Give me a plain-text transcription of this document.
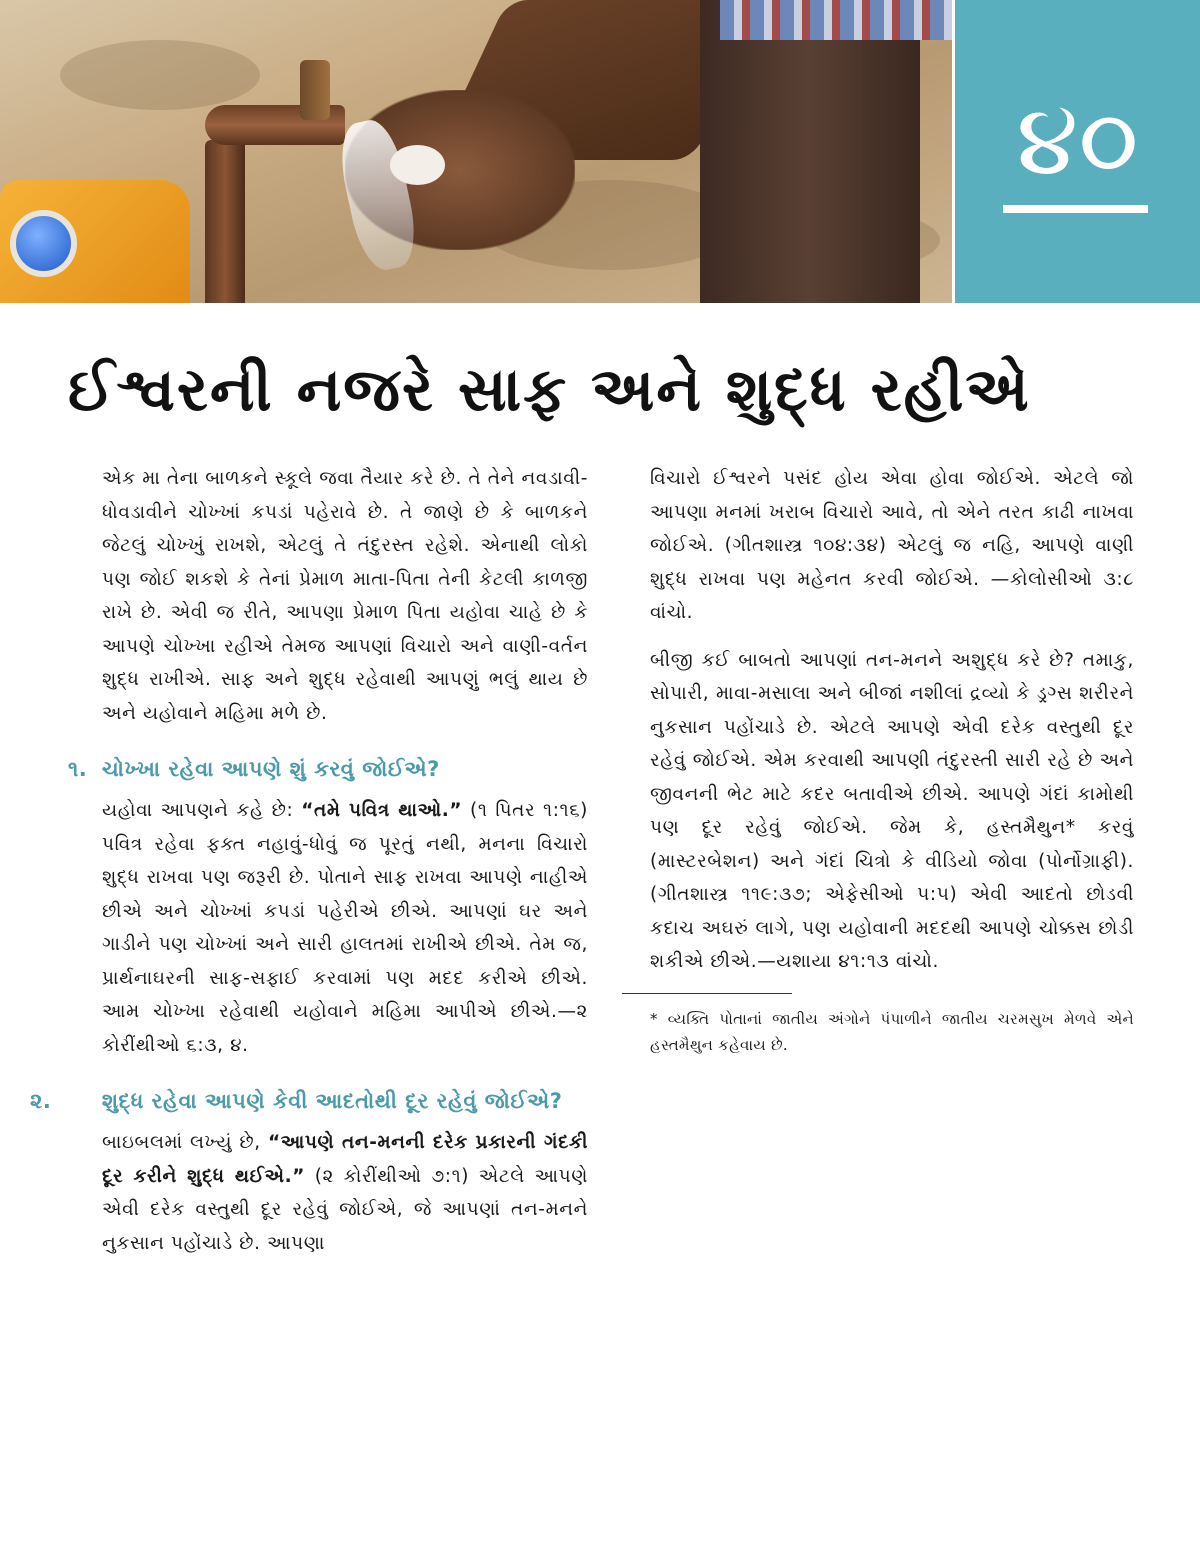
૪૦
ઈશ્વરની નજરે સાફ અને શુદ્ધ રહીએ

એક મા તેના બાળકને સ્કૂલે જવા તૈયાર કરે છે. તે તેને નવડાવી-ધોવડાવીને ચોખ્ખાં કપડાં પહેરાવે છે. તે જાણે છે કે બાળકને જેટલું ચોખ્ખું રાખશે, એટલું તે તંદુરસ્ત રહેશે. એનાથી લોકો પણ જોઈ શકશે કે તેનાં પ્રેમાળ માતા-પિતા તેની કેટલી કાળજી રાખે છે. એવી જ રીતે, આપણા પ્રેમાળ પિતા યહોવા ચાહે છે કે આપણે ચોખ્ખા રહીએ તેમજ આપણાં વિચારો અને વાણી-વર્તન શુદ્ધ રાખીએ. સાફ અને શુદ્ધ રહેવાથી આપણું ભલું થાય છે અને યહોવાને મહિમા મળે છે.

૧. ચોખ્ખા રહેવા આપણે શું કરવું જોઈએ?

યહોવા આપણને કહે છે: “તમે પવિત્ર થાઓ.” (૧ પિતર ૧:૧૬) પવિત્ર રહેવા ફક્ત નહાવું-ધોવું જ પૂરતું નથી, મનના વિચારો શુદ્ધ રાખવા પણ જરૂરી છે. પોતાને સાફ રાખવા આપણે નાહીએ છીએ અને ચોખ્ખાં કપડાં પહેરીએ છીએ. આપણાં ઘર અને ગાડીને પણ ચોખ્ખાં અને સારી હાલતમાં રાખીએ છીએ. તેમ જ, પ્રાર્થનાઘરની સાફ-સફાઈ કરવામાં પણ મદદ કરીએ છીએ. આમ ચોખ્ખા રહેવાથી યહોવાને મહિમા આપીએ છીએ.—૨ કોરીંથીઓ ૬:૩, ૪.

૨. શુદ્ધ રહેવા આપણે કેવી આદતોથી દૂર રહેવું જોઈએ?

બાઇબલમાં લખ્યું છે, “આપણે તન-મનની દરેક પ્રકારની ગંદકી દૂર કરીને શુદ્ધ થઈએ.” (૨ કોરીંથીઓ ૭:૧) એટલે આપણે એવી દરેક વસ્તુથી દૂર રહેવું જોઈએ, જે આપણાં તન-મનને નુકસાન પહોંચાડે છે. આપણા

વિચારો ઈશ્વરને પસંદ હોય એવા હોવા જોઈએ. એટલે જો આપણા મનમાં ખરાબ વિચારો આવે, તો એને તરત કાઢી નાખવા જોઈએ. (ગીતશાસ્ત્ર ૧૦૪:૩૪) એટલું જ નહિ, આપણે વાણી શુદ્ધ રાખવા પણ મહેનત કરવી જોઈએ. —કોલોસીઓ ૩:૮ વાંચો.

બીજી કઈ બાબતો આપણાં તન-મનને અશુદ્ધ કરે છે? તમાકુ, સોપારી, માવા-મસાલા અને બીજાં નશીલાં દ્રવ્યો કે ડ્રગ્સ શરીરને નુકસાન પહોંચાડે છે. એટલે આપણે એવી દરેક વસ્તુથી દૂર રહેવું જોઈએ. એમ કરવાથી આપણી તંદુરસ્તી સારી રહે છે અને જીવનની ભેટ માટે કદર બતાવીએ છીએ. આપણે ગંદાં કામોથી પણ દૂર રહેવું જોઈએ. જેમ કે, હસ્તમૈથુન* કરવું (માસ્ટરબેશન) અને ગંદાં ચિત્રો કે વીડિયો જોવા (પોર્નોગ્રાફી). (ગીતશાસ્ત્ર ૧૧૯:૩૭; એફેસીઓ ૫:૫) એવી આદતો છોડવી કદાચ અઘરું લાગે, પણ યહોવાની મદદથી આપણે ચોક્કસ છોડી શકીએ છીએ.—યશાયા ૪૧:૧૩ વાંચો.

* વ્યક્તિ પોતાનાં જાતીય અંગોને પંપાળીને જાતીય ચરમસુખ મેળવે એને હસ્તમૈથુન કહેવાય છે.
